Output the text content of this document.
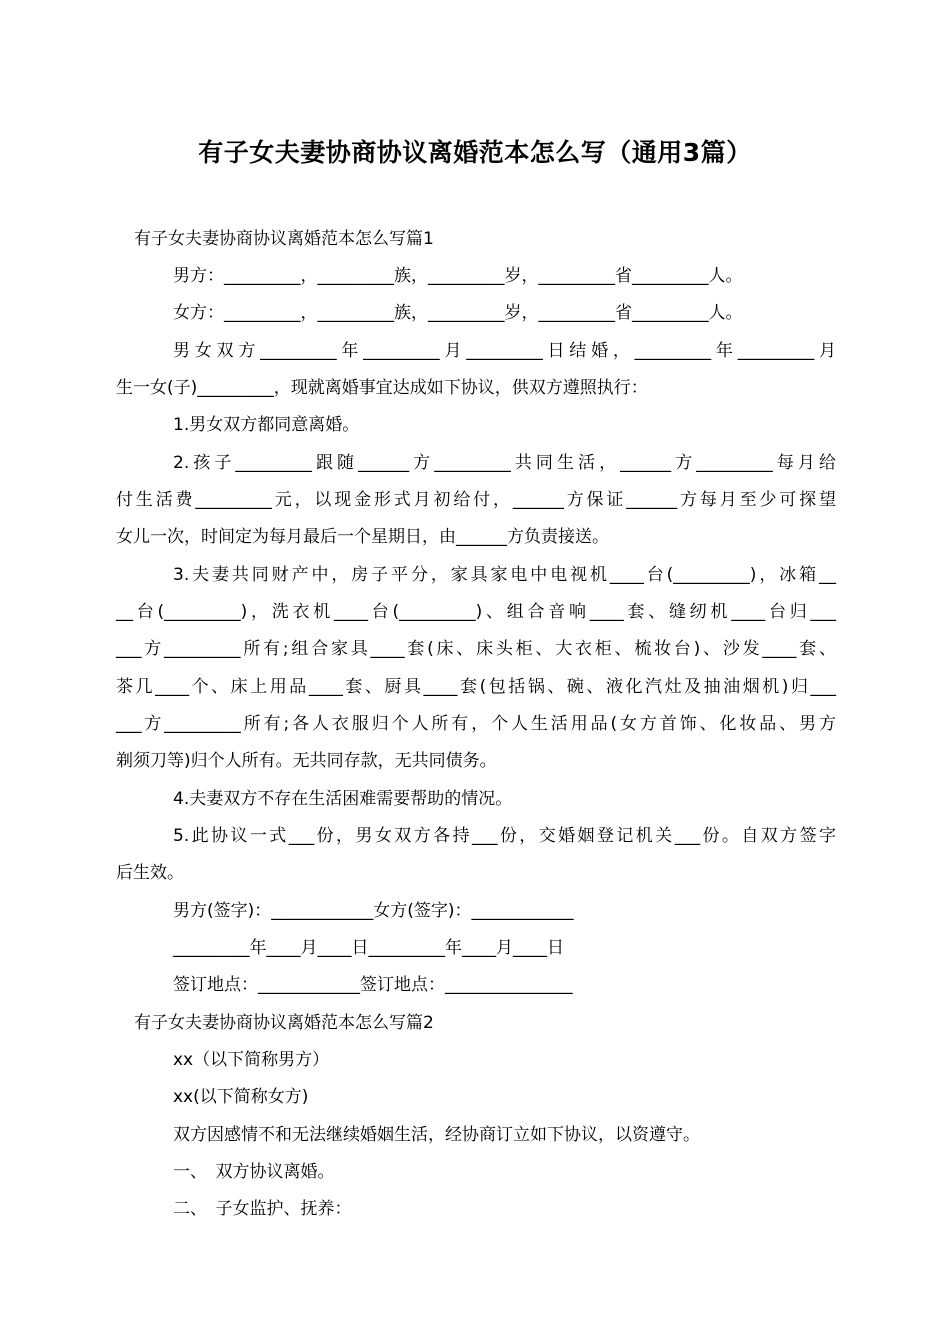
有子女夫妻协商协议离婚范本怎么写（通用3篇）
有子女夫妻协商协议离婚范本怎么写篇1
男方：_________，_________族，_________岁，_________省_________人。
女方：_________，_________族，_________岁，_________省_________人。
男女双方_________年_________月_________日结婚，_________年_________月
生一女(子)_________，现就离婚事宜达成如下协议，供双方遵照执行：
1.男女双方都同意离婚。
2.孩子_________跟随______方_________共同生活，______方_________每月给
付生活费_________元，以现金形式月初给付，______方保证______方每月至少可探望
女儿一次，时间定为每月最后一个星期日，由______方负责接送。
3.夫妻共同财产中，房子平分，家具家电中电视机____台(_________)，冰箱__
__台(_________)，洗衣机____台(_________)、组合音响____套、缝纫机____台归___
___方_________所有;组合家具____套(床、床头柜、大衣柜、梳妆台)、沙发____套、
茶几____个、床上用品____套、厨具____套(包括锅、碗、液化汽灶及抽油烟机)归___
___方_________所有;各人衣服归个人所有，个人生活用品(女方首饰、化妆品、男方
剃须刀等)归个人所有。无共同存款，无共同债务。
4.夫妻双方不存在生活困难需要帮助的情况。
5.此协议一式___份，男女双方各持___份，交婚姻登记机关___份。自双方签字
后生效。
男方(签字)：____________女方(签字)：____________
_________年____月____日_________年____月____日
签订地点：____________签订地点：_______________
有子女夫妻协商协议离婚范本怎么写篇2
xx（以下简称男方）
xx(以下简称女方)
双方因感情不和无法继续婚姻生活，经协商订立如下协议，以资遵守。
一、　双方协议离婚。
二、　子女监护、抚养：
